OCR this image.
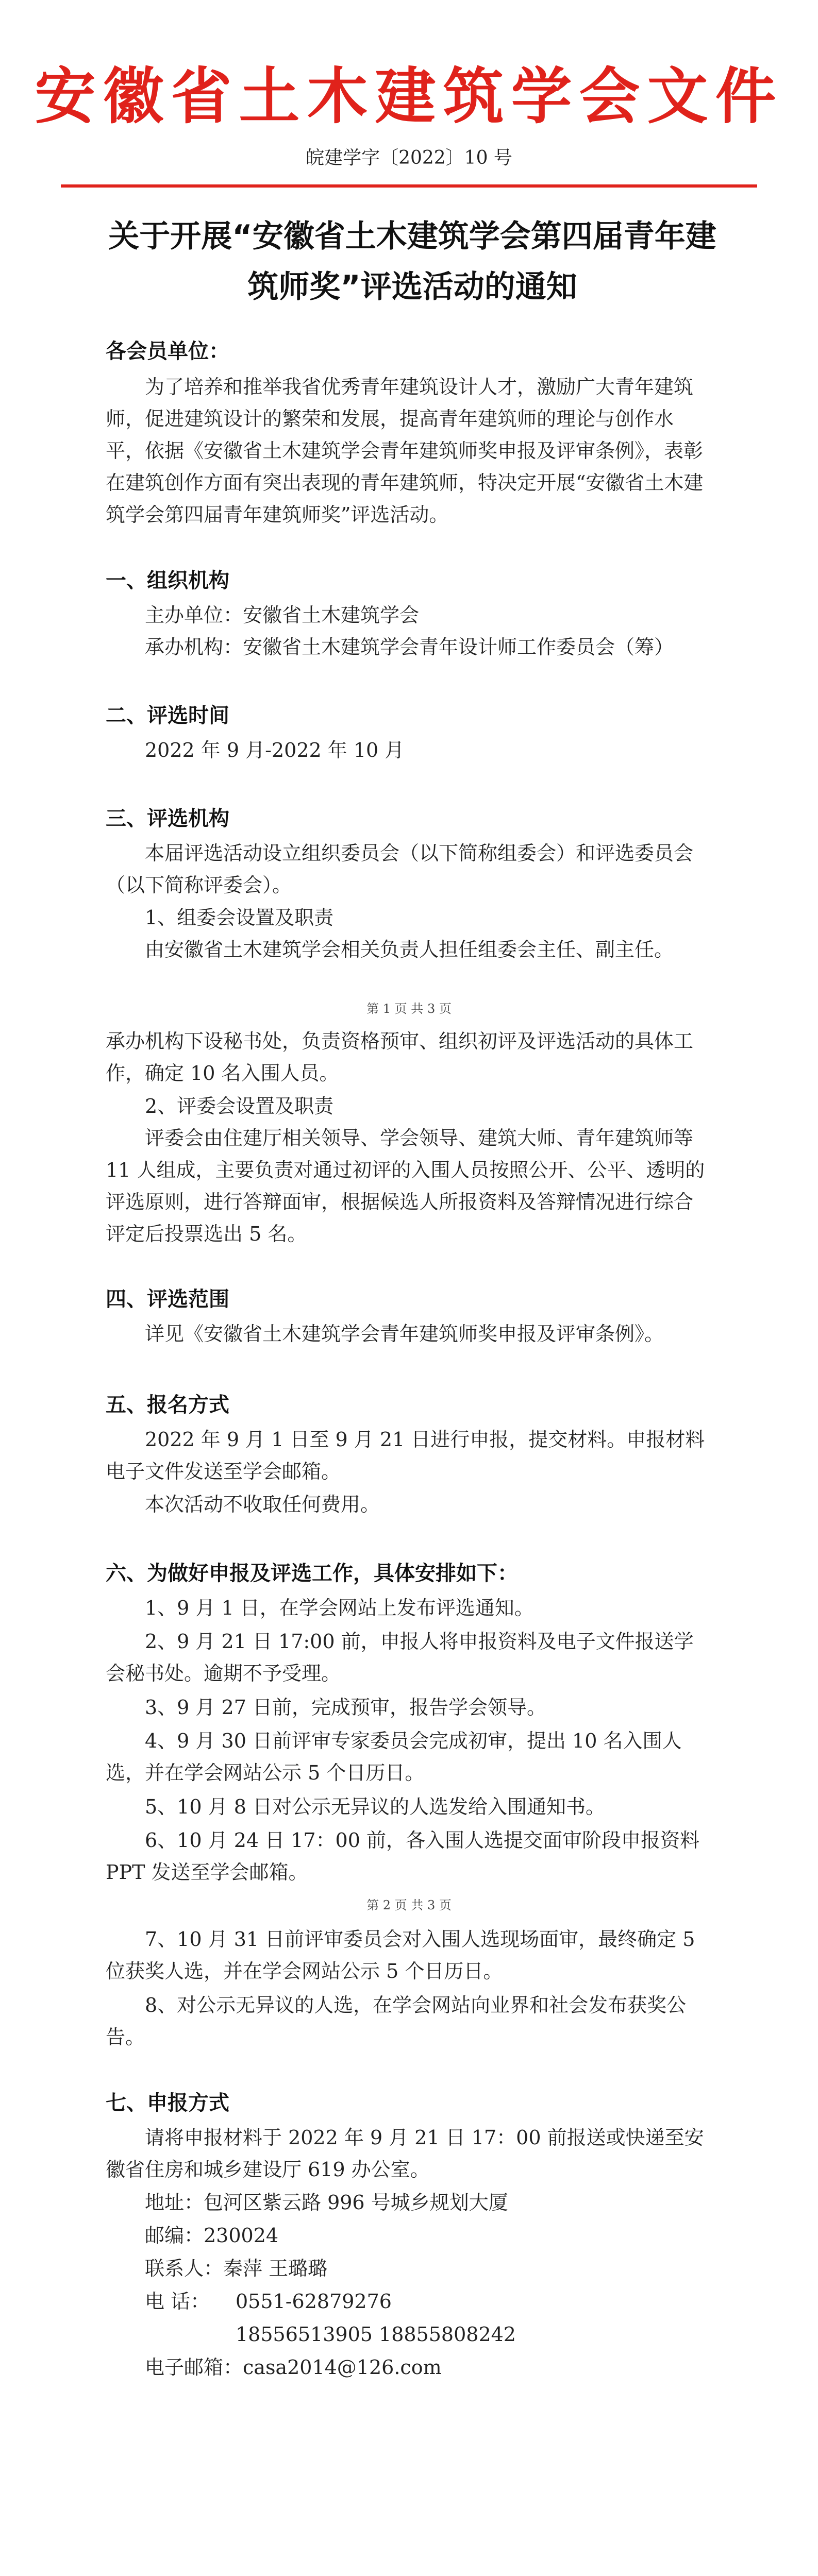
安徽省土木建筑学会文件
皖建学字〔2022〕10 号
关于开展“安徽省土木建筑学会第四届青年建筑师奖”评选活动的通知
各会员单位：
为了培养和推举我省优秀青年建筑设计人才，激励广大青年建筑师，促进建筑设计的繁荣和发展，提高青年建筑师的理论与创作水平，依据《安徽省土木建筑学会青年建筑师奖申报及评审条例》，表彰在建筑创作方面有突出表现的青年建筑师，特决定开展“安徽省土木建筑学会第四届青年建筑师奖”评选活动。
一、组织机构
主办单位：安徽省土木建筑学会
承办机构：安徽省土木建筑学会青年设计师工作委员会（筹）
二、评选时间
2022 年 9 月-2022 年 10 月
三、评选机构
本届评选活动设立组织委员会（以下简称组委会）和评选委员会（以下简称评委会）。
1、组委会设置及职责
由安徽省土木建筑学会相关负责人担任组委会主任、副主任。
第 1 页 共 3 页
承办机构下设秘书处，负责资格预审、组织初评及评选活动的具体工作，确定 10 名入围人员。
2、评委会设置及职责
评委会由住建厅相关领导、学会领导、建筑大师、青年建筑师等 11 人组成，主要负责对通过初评的入围人员按照公开、公平、透明的评选原则，进行答辩面审，根据候选人所报资料及答辩情况进行综合评定后投票选出 5 名。
四、评选范围
详见《安徽省土木建筑学会青年建筑师奖申报及评审条例》。
五、报名方式
2022 年 9 月 1 日至 9 月 21 日进行申报，提交材料。申报材料电子文件发送至学会邮箱。
本次活动不收取任何费用。
六、为做好申报及评选工作，具体安排如下：
1、9 月 1 日，在学会网站上发布评选通知。
2、9 月 21 日 17:00 前，申报人将申报资料及电子文件报送学会秘书处。逾期不予受理。
3、9 月 27 日前，完成预审，报告学会领导。
4、9 月 30 日前评审专家委员会完成初审，提出 10 名入围人选，并在学会网站公示 5 个日历日。
5、10 月 8 日对公示无异议的人选发给入围通知书。
6、10 月 24 日 17：00 前，各入围人选提交面审阶段申报资料 PPT 发送至学会邮箱。
第 2 页 共 3 页
7、10 月 31 日前评审委员会对入围人选现场面审，最终确定 5 位获奖人选，并在学会网站公示 5 个日历日。
8、对公示无异议的人选，在学会网站向业界和社会发布获奖公告。
七、申报方式
请将申报材料于 2022 年 9 月 21 日 17：00 前报送或快递至安徽省住房和城乡建设厅 619 办公室。
地址：包河区紫云路 996 号城乡规划大厦
邮编：230024
联系人：秦萍 王璐璐
电 话： 0551-62879276
18556513905 18855808242
电子邮箱：casa2014@126.com
